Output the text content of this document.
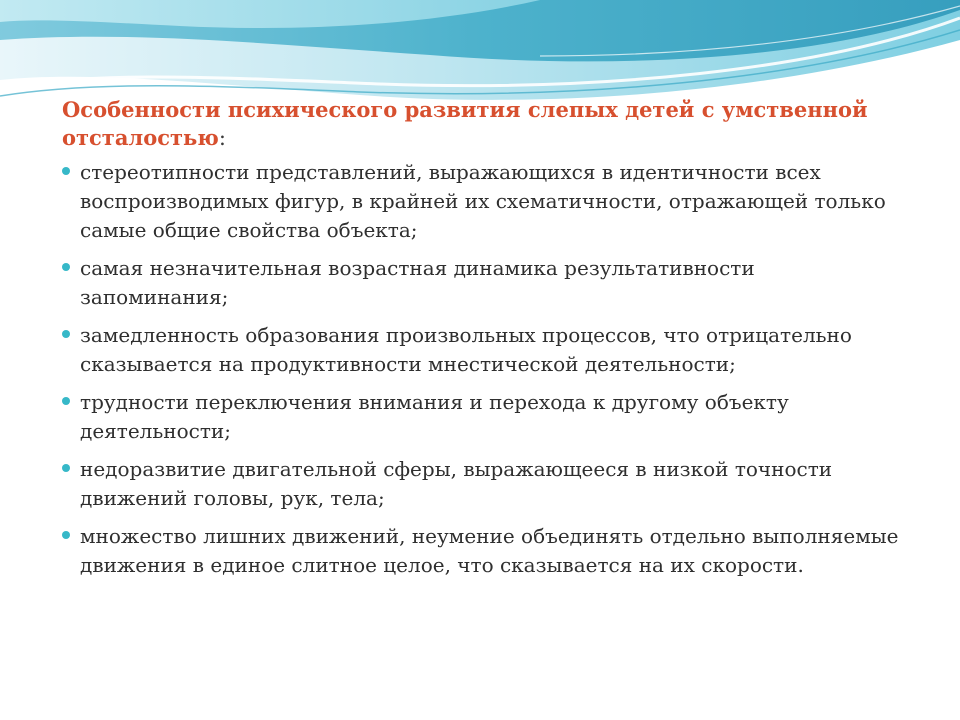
Особенности психического развития слепых детей с умственной отсталостью:

стереотипности представлений, выражающихся в идентичности всех воспроизводимых фигур, в крайней их схематичности, отражающей только самые общие свойства объекта;
самая незначительная возрастная динамика результативности запоминания;
замедленность образования произвольных процессов, что отрицательно сказывается на продуктивности мнестической деятельности;
трудности переключения внимания и перехода к другому объекту деятельности;
недоразвитие двигательной сферы, выражающееся в низкой точности движений головы, рук, тела;
множество лишних движений, неумение объединять отдельно выполняемые движения в единое слитное целое, что сказывается на их скорости.
